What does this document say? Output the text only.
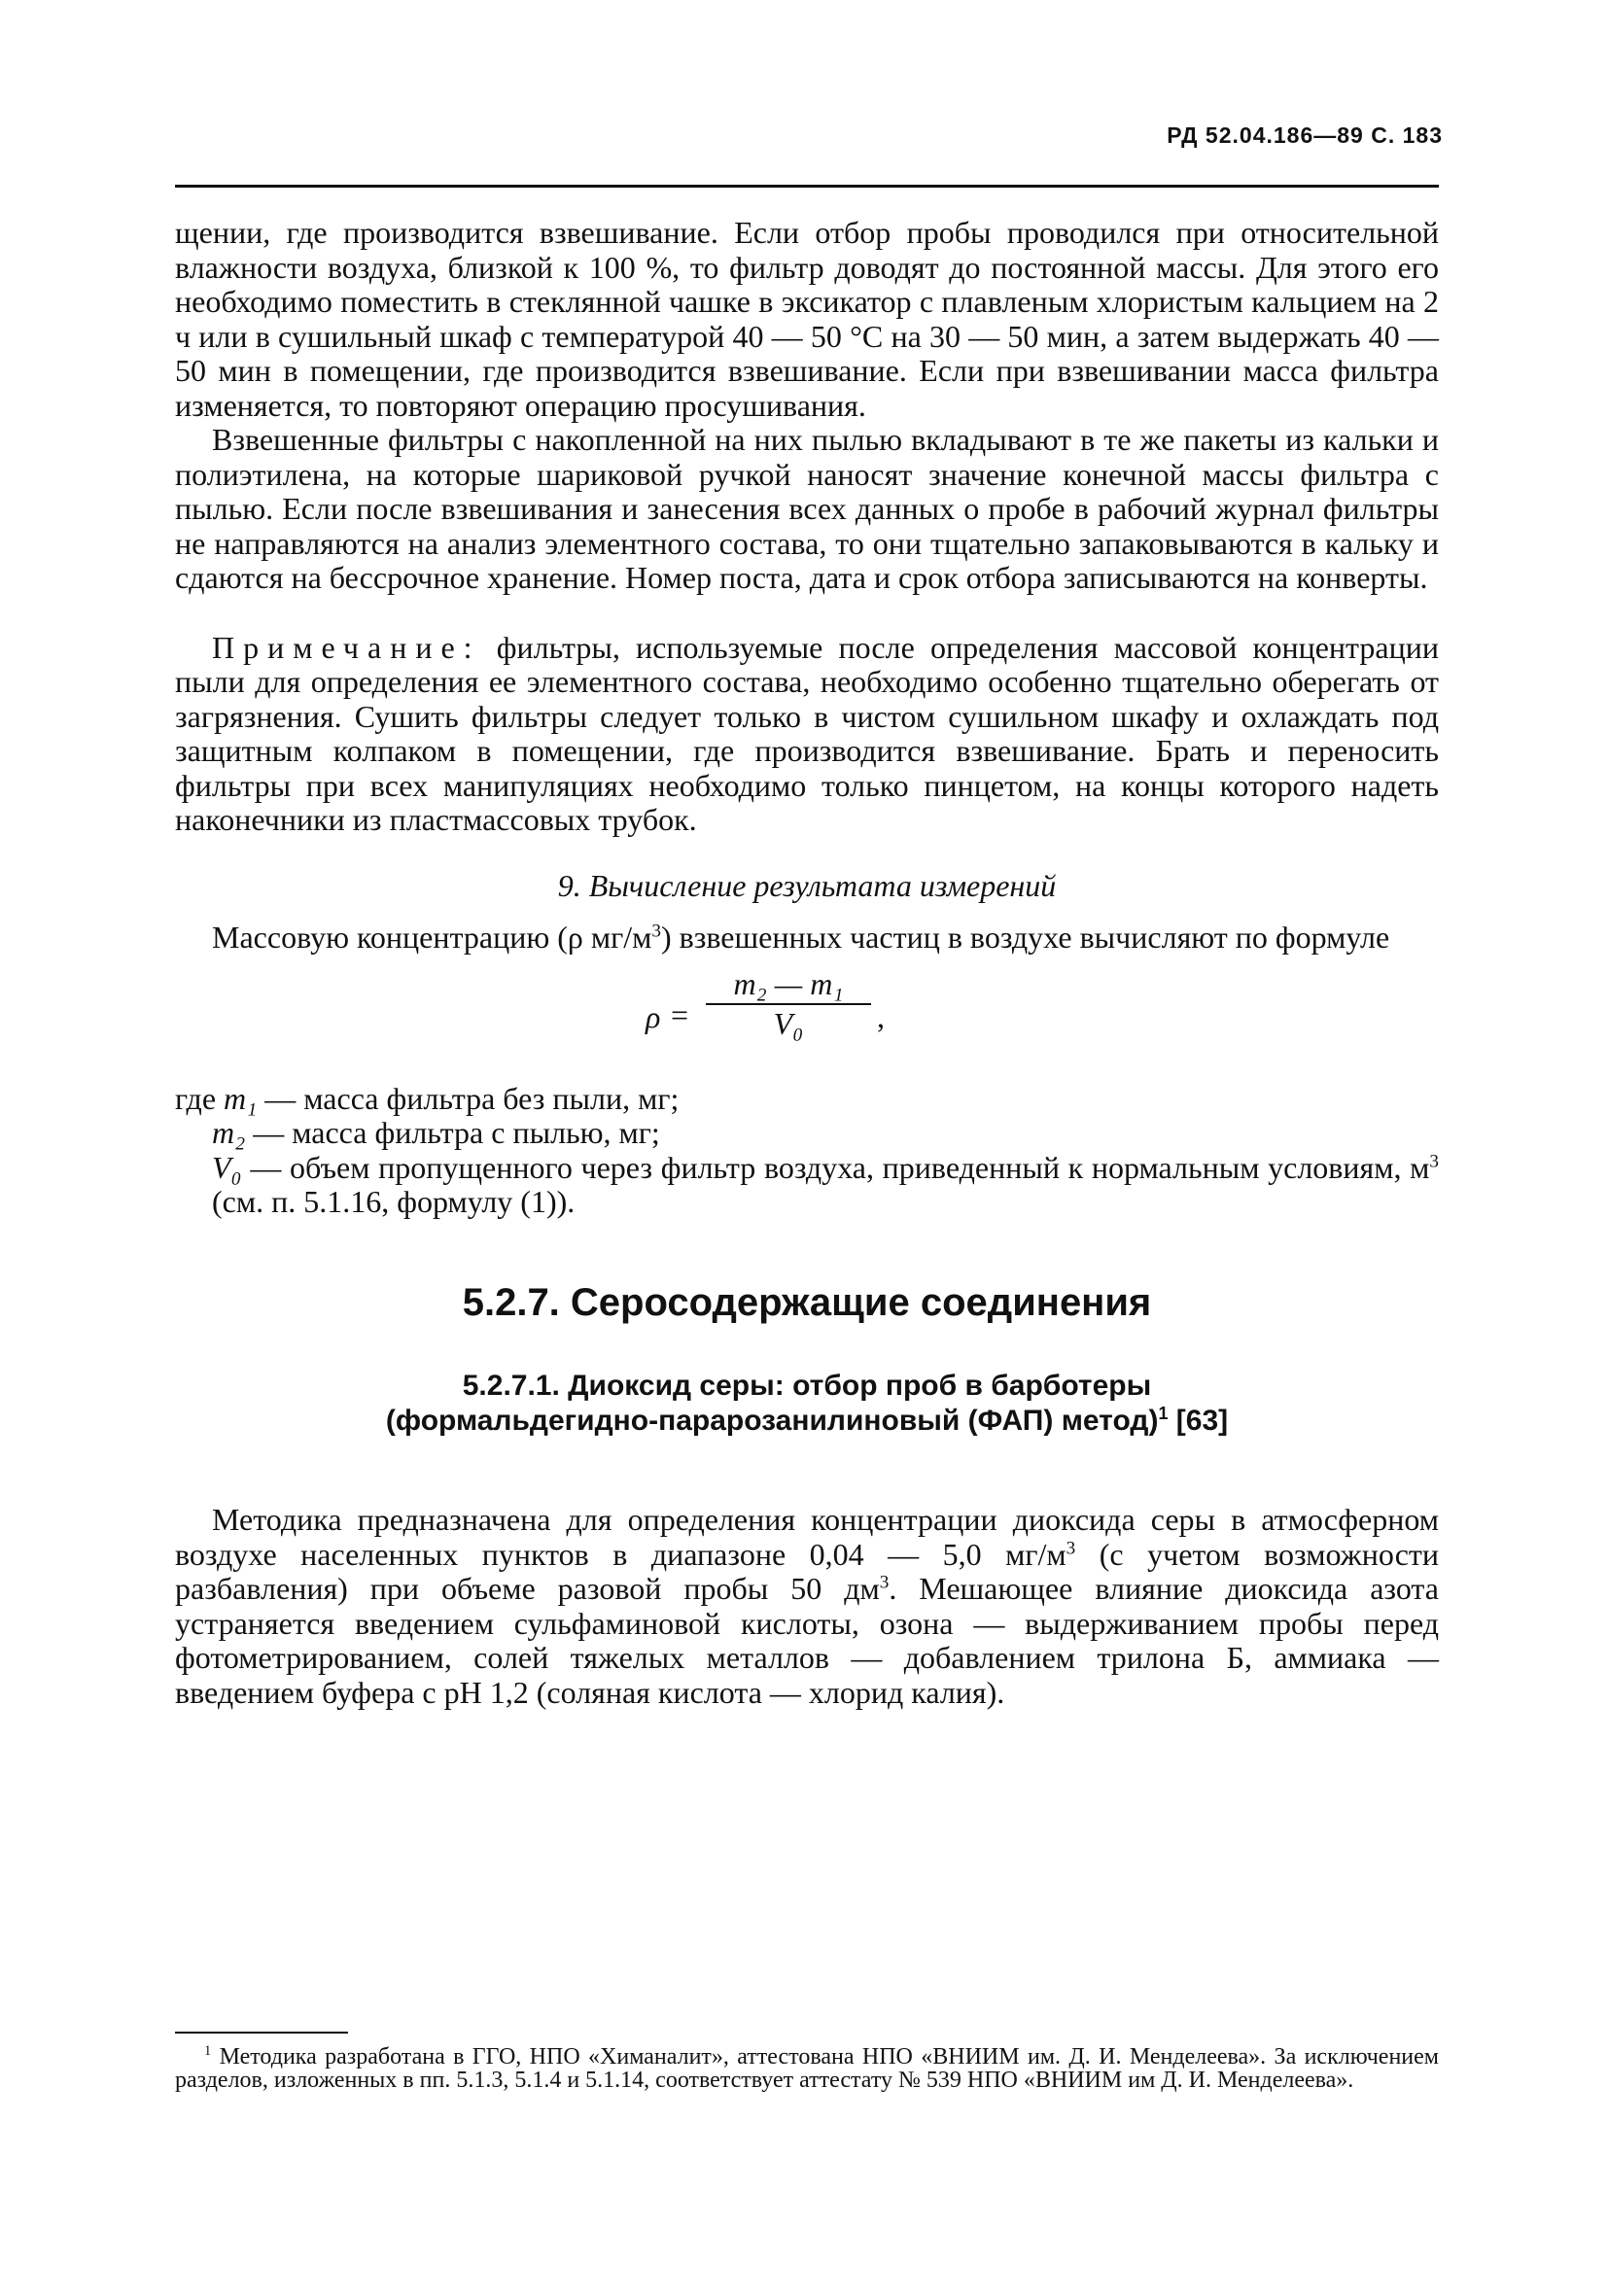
РД 52.04.186—89 С. 183

щении, где производится взвешивание. Если отбор пробы проводился при относительной влажности воздуха, близкой к 100 %, то фильтр доводят до постоянной массы. Для этого его необходимо поместить в стеклянной чашке в эксикатор с плавленым хлористым кальцием на 2 ч или в сушильный шкаф с температурой 40 — 50 °С на 30 — 50 мин, а затем выдержать 40 — 50 мин в помещении, где производится взвешивание. Если при взвешивании масса фильтра изменяется, то повторяют операцию просушивания.

Взвешенные фильтры с накопленной на них пылью вкладывают в те же пакеты из кальки и полиэтилена, на которые шариковой ручкой наносят значение конечной массы фильтра с пылью. Если после взвешивания и занесения всех данных о пробе в рабочий журнал фильтры не направляются на анализ элементного состава, то они тщательно запаковываются в кальку и сдаются на бессрочное хранение. Номер поста, дата и срок отбора записываются на конверты.

Примечание: фильтры, используемые после определения массовой концентрации пыли для определения ее элементного состава, необходимо особенно тщательно оберегать от загрязнения. Сушить фильтры следует только в чистом сушильном шкафу и охлаждать под защитным колпаком в помещении, где производится взвешивание. Брать и переносить фильтры при всех манипуляциях необходимо только пинцетом, на концы которого надеть наконечники из пластмассовых трубок.

9. Вычисление результата измерений

Массовую концентрацию (ρ $мг/м^3$) взвешенных частиц в воздухе вычисляют по формуле

$\rho = \frac{\text{m₂ — m₁}}{\text{V₀}}$ ,

где m₁ — масса фильтра без пыли, мг;

m₂ — масса фильтра с пылью, мг;

V₀ — объем пропущенного через фильтр воздуха, приведенный к нормальным условиям, $м^3$ (см. п. 5.1.16, формулу (1)).

5.2.7. Серосодержащие соединения

5.2.7.1. Диоксид серы: отбор проб в барботеры
(формальдегидно-парарозанилиновый (ФАП) метод)$^1$ [63]

Методика предназначена для определения концентрации диоксида серы в атмосферном воздухе населенных пунктов в диапазоне 0,04 — 5,0 $мг/м^3$ (с учетом возможности разбавления) при объеме разовой пробы 50 $дм^3$. Мешающее влияние диоксида азота устраняется введением сульфаминовой кислоты, озона — выдерживанием пробы перед фотометрированием, солей тяжелых металлов — добавлением трилона Б, аммиака — введением буфера с рН 1,2 (соляная кислота — хлорид калия).

$^1$ Методика разработана в ГГО, НПО «Химаналит», аттестована НПО «ВНИИМ им. Д. И. Менделеева». За исключением разделов, изложенных в пп. 5.1.3, 5.1.4 и 5.1.14, соответствует аттестату № 539 НПО «ВНИИМ им Д. И. Менделеева».
